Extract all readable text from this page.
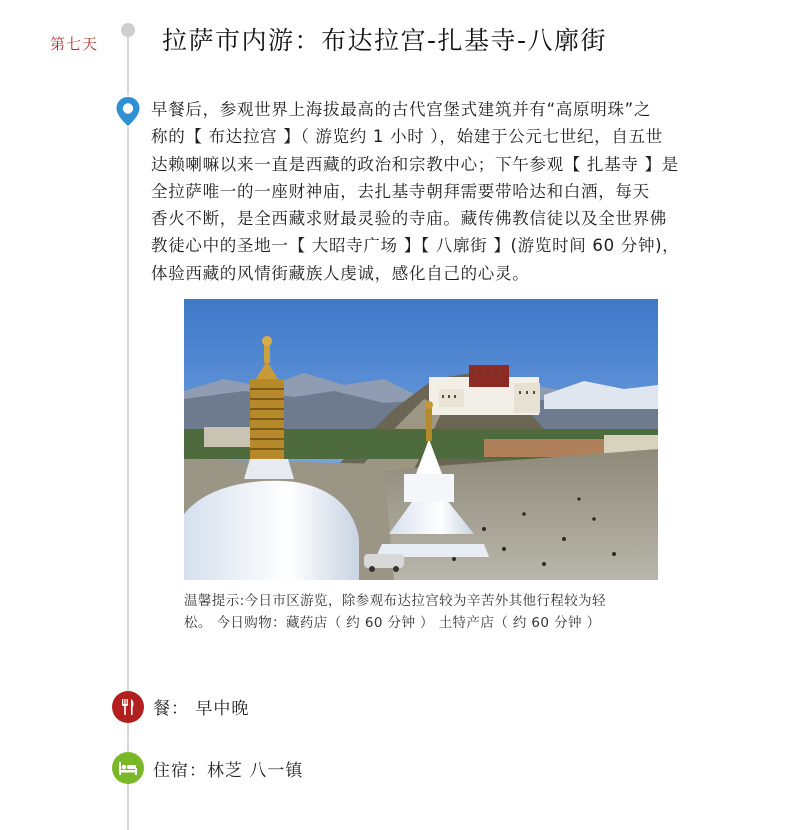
第七天	拉萨市内游：布达拉宫-扎基寺-八廓街
早餐后，参观世界上海拔最高的古代宫堡式建筑并有“高原明珠”之
称的【 布达拉宫 】（ 游览约 1 小时 ），始建于公元七世纪，自五世
达赖喇嘛以来一直是西藏的政治和宗教中心；下午参观【 扎基寺 】是
全拉萨唯一的一座财神庙，去扎基寺朝拜需要带哈达和白酒，每天
香火不断，是全西藏求财最灵验的寺庙。藏传佛教信徒以及全世界佛
教徒心中的圣地一【 大昭寺广场 】【 八廓街 】(游览时间 60 分钟)，
体验西藏的风情街藏族人虔诚，感化自己的心灵。
温馨提示:今日市区游览，除参观布达拉宫较为辛苦外其他行程较为轻
松。 今日购物：藏药店（ 约 60 分钟 ） 土特产店（ 约 60 分钟 ）
餐： 早中晚
住宿：林芝 八一镇
